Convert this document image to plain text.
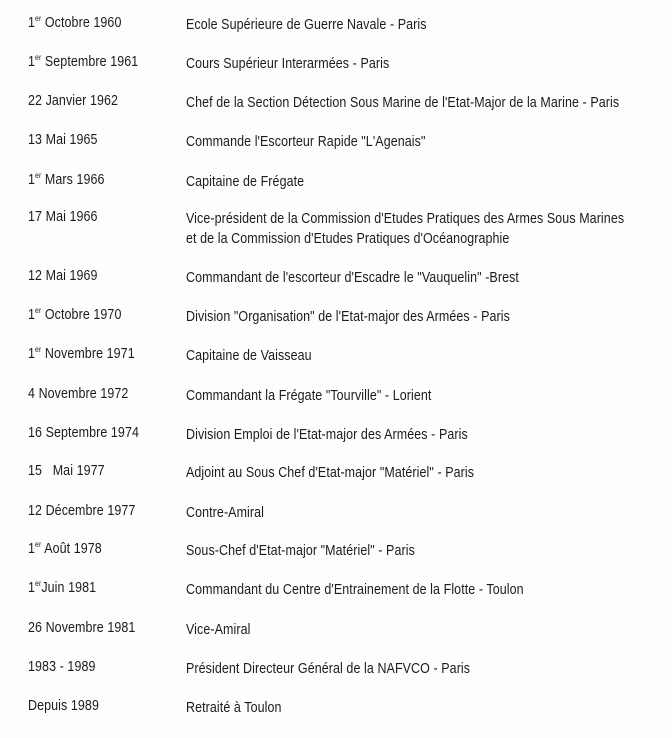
1er Octobre 1960	Ecole Supérieure de Guerre Navale - Paris
1er Septembre 1961	Cours Supérieur Interarmées - Paris
22 Janvier 1962	Chef de la Section Détection Sous Marine de l'Etat-Major de la Marine - Paris
13 Mai 1965	Commande l'Escorteur Rapide "L'Agenais"
1er Mars 1966	Capitaine de Frégate
17 Mai 1966	Vice-président de la Commission d'Etudes Pratiques des Armes Sous Marines
et de la Commission d'Etudes Pratiques d'Océanographie
12 Mai 1969	Commandant de l'escorteur d'Escadre le "Vauquelin" -Brest
1er Octobre 1970	Division "Organisation" de l'Etat-major des Armées - Paris
1er Novembre 1971	Capitaine de Vaisseau
4 Novembre 1972	Commandant la Frégate "Tourville" - Lorient
16 Septembre 1974	Division Emploi de l'Etat-major des Armées - Paris
15   Mai 1977	Adjoint au Sous Chef d'Etat-major "Matériel" - Paris
12 Décembre 1977	Contre-Amiral
1er Août 1978	Sous-Chef d'Etat-major "Matériel" - Paris
1erJuin 1981	Commandant du Centre d'Entrainement de la Flotte - Toulon
26 Novembre 1981	Vice-Amiral
1983 - 1989	Président Directeur Général de la NAFVCO - Paris
Depuis 1989	Retraité à Toulon
